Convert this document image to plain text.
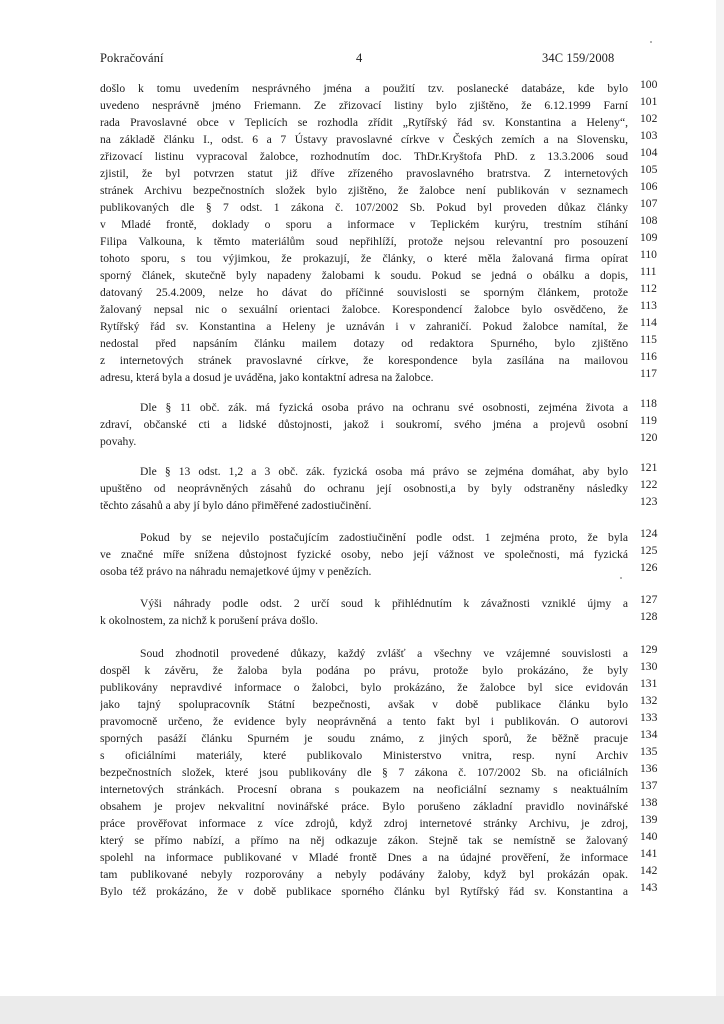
Pokračování	4	34C 159/2008
došlo k tomu uvedením nesprávného jména a použití tzv. poslanecké databáze, kde bylo 100
uvedeno nesprávně jméno Friemann. Ze zřizovací listiny bylo zjištěno, že 6.12.1999 Farní 101
rada Pravoslavné obce v Teplicích se rozhodla zřídit „Rytířský řád sv. Konstantina a Heleny“, 102
na základě článku I., odst. 6 a 7 Ústavy pravoslavné církve v Českých zemích a na Slovensku, 103
zřizovací listinu vypracoval žalobce, rozhodnutím doc. ThDr.Kryštofa PhD. z 13.3.2006 soud 104
zjistil, že byl potvrzen statut již dříve zřízeného pravoslavného bratrstva. Z internetových 105
stránek Archivu bezpečnostních složek bylo zjištěno, že žalobce není publikován v seznamech 106
publikovaných dle § 7 odst. 1 zákona č. 107/2002 Sb. Pokud byl proveden důkaz články 107
v Mladé frontě, doklady o sporu a informace v Teplickém kurýru, trestním stíhání 108
Filipa Valkouna, k těmto materiálům soud nepřihlíží, protože nejsou relevantní pro posouzení 109
tohoto sporu, s tou výjimkou, že prokazují, že články, o které měla žalovaná firma opírat 110
sporný článek, skutečně byly napadeny žalobami k soudu. Pokud se jedná o obálku a dopis, 111
datovaný 25.4.2009, nelze ho dávat do příčinné souvislosti se sporným článkem, protože 112
žalovaný nepsal nic o sexuální orientaci žalobce. Korespondencí žalobce bylo osvědčeno, že 113
Rytířský řád sv. Konstantina a Heleny je uznáván i v zahraničí. Pokud žalobce namítal, že 114
nedostal před napsáním článku mailem dotazy od redaktora Spurného, bylo zjištěno 115
z internetových stránek pravoslavné církve, že korespondence byla zasílána na mailovou 116
adresu, která byla a dosud je uváděna, jako kontaktní adresa na žalobce.	117
Dle § 11 obč. zák. má fyzická osoba právo na ochranu své osobnosti, zejména života a 118
zdraví, občanské cti a lidské důstojnosti, jakož i soukromí, svého jména a projevů osobní 119
povahy.	120
Dle § 13 odst. 1,2 a 3 obč. zák. fyzická osoba má právo se zejména domáhat, aby bylo 121
upuštěno od neoprávněných zásahů do ochranu její osobnosti,a by byly odstraněny následky 122
těchto zásahů a aby jí bylo dáno přiměřené zadostiučinění.	123
Pokud by se nejevilo postačujícím zadostiučinění podle odst. 1 zejména proto, že byla 124
ve značné míře snížena důstojnost fyzické osoby, nebo její vážnost ve společnosti, má fyzická 125
osoba též právo na náhradu nemajetkové újmy v penězích.	126
Výši náhrady podle odst. 2 určí soud k přihlédnutím k závažnosti vzniklé újmy a 127
k okolnostem, za nichž k porušení práva došlo.	128
Soud zhodnotil provedené důkazy, každý zvlášť a všechny ve vzájemné souvislosti a 129
dospěl k závěru, že žaloba byla podána po právu, protože bylo prokázáno, že byly 130
publikovány nepravdivé informace o žalobci, bylo prokázáno, že žalobce byl sice evidován 131
jako tajný spolupracovník Státní bezpečnosti, avšak v době publikace článku bylo 132
pravomocně určeno, že evidence byly neoprávněná a tento fakt byl i publikován. O autorovi 133
sporných pasáží článku Spurném je soudu známo, z jiných sporů, že běžně pracuje 134
s oficiálními materiály, které publikovalo Ministerstvo vnitra, resp. nyní Archiv 135
bezpečnostních složek, které jsou publikovány dle § 7 zákona č. 107/2002 Sb. na oficiálních 136
internetových stránkách. Procesní obrana s poukazem na neoficiální seznamy s neaktuálním 137
obsahem je projev nekvalitní novinářské práce. Bylo porušeno základní pravidlo novinářské 138
práce prověřovat informace z více zdrojů, když zdroj internetové stránky Archivu, je zdroj, 139
který se přímo nabízí, a přímo na něj odkazuje zákon. Stejně tak se nemístně se žalovaný 140
spolehl na informace publikované v Mladé frontě Dnes a na údajné prověření, že informace 141
tam publikované nebyly rozporovány a nebyly podávány žaloby, když byl prokázán opak. 142
Bylo též prokázáno, že v době publikace sporného článku byl Rytířský řád sv. Konstantina a 143
